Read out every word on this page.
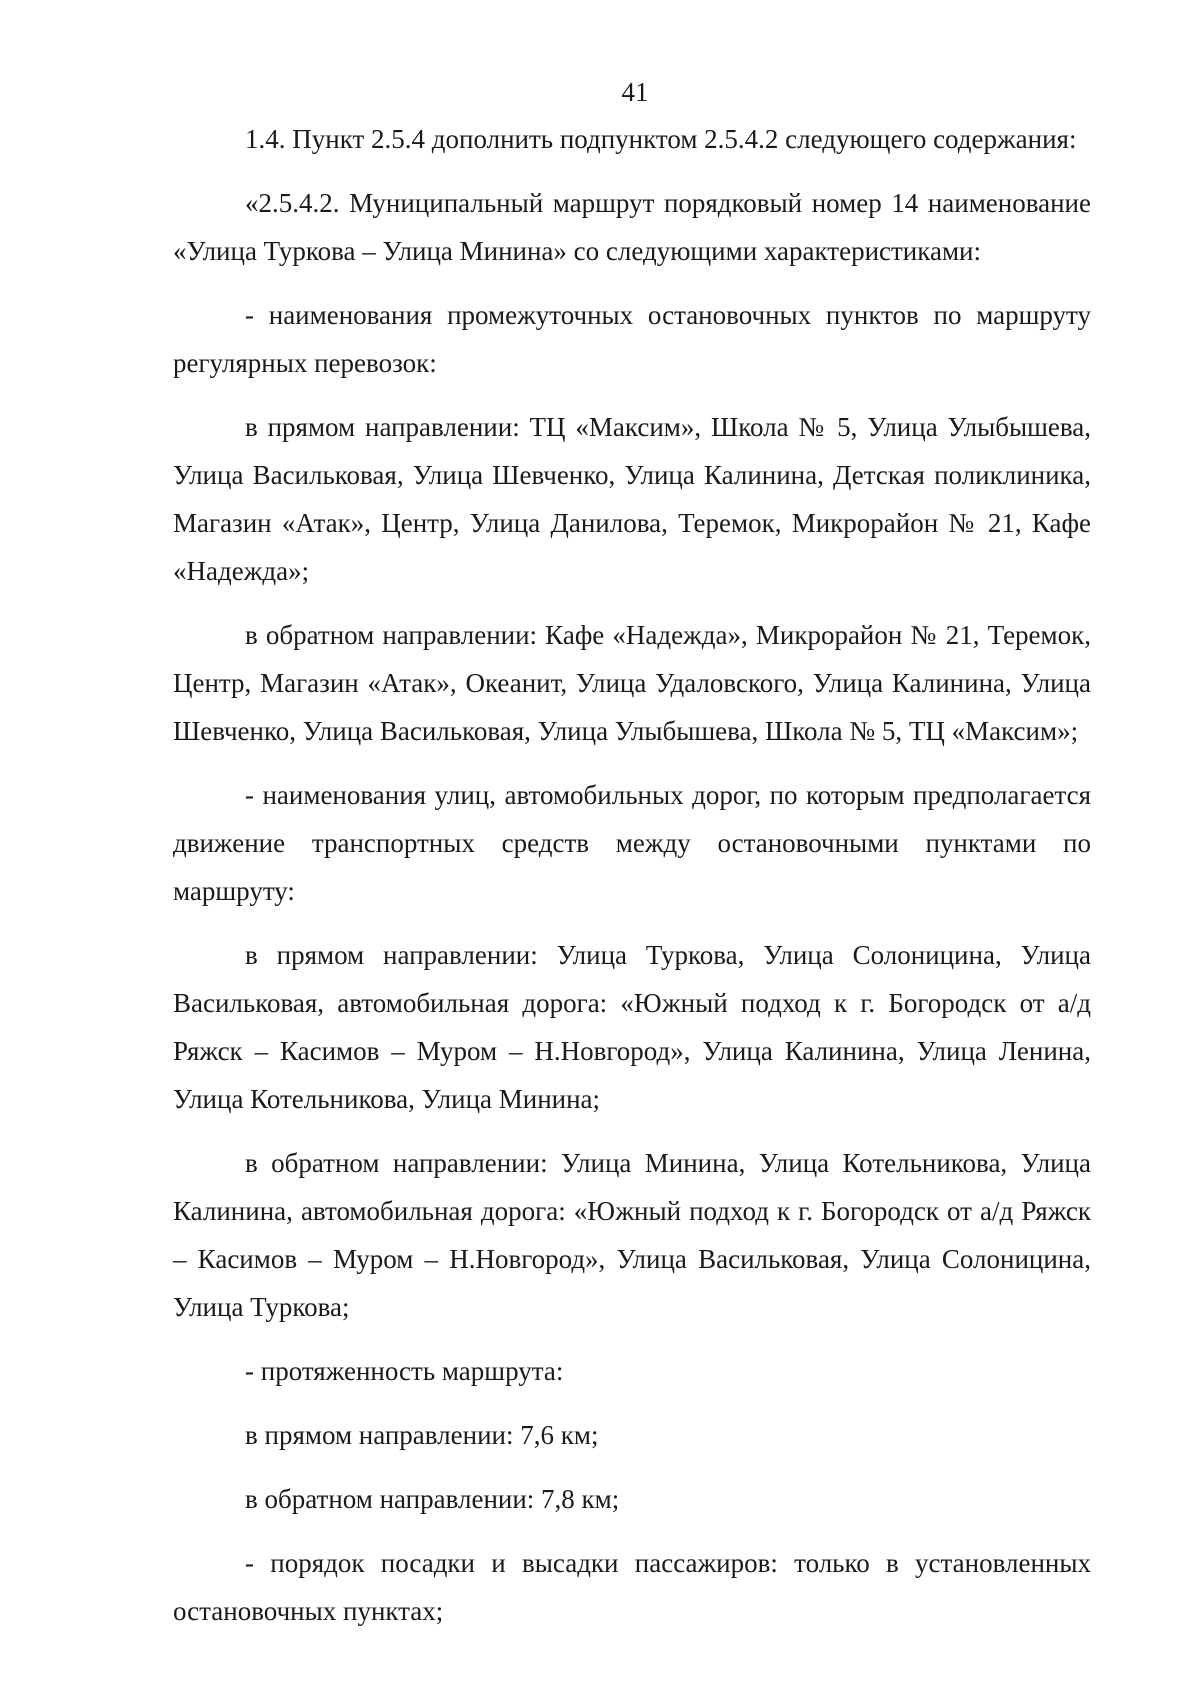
41

1.4. Пункт 2.5.4 дополнить подпунктом 2.5.4.2 следующего содержания:

«2.5.4.2. Муниципальный маршрут порядковый номер 14 наименование «Улица Туркова – Улица Минина» со следующими характеристиками:

- наименования промежуточных остановочных пунктов по маршруту регулярных перевозок:

в прямом направлении: ТЦ «Максим», Школа № 5, Улица Улыбышева, Улица Васильковая, Улица Шевченко, Улица Калинина, Детская поликлиника, Магазин «Атак», Центр, Улица Данилова, Теремок, Микрорайон № 21, Кафе «Надежда»;

в обратном направлении: Кафе «Надежда», Микрорайон № 21, Теремок, Центр, Магазин «Атак», Океанит, Улица Удаловского, Улица Калинина, Улица Шевченко, Улица Васильковая, Улица Улыбышева, Школа № 5, ТЦ «Максим»;

- наименования улиц, автомобильных дорог, по которым предполагается движение транспортных средств между остановочными пунктами по маршруту:

в прямом направлении: Улица Туркова, Улица Солоницина, Улица Васильковая, автомобильная дорога: «Южный подход к г. Богородск от а/д Ряжск – Касимов – Муром – Н.Новгород», Улица Калинина, Улица Ленина, Улица Котельникова, Улица Минина;

в обратном направлении: Улица Минина, Улица Котельникова, Улица Калинина, автомобильная дорога: «Южный подход к г. Богородск от а/д Ряжск – Касимов – Муром – Н.Новгород», Улица Васильковая, Улица Солоницина, Улица Туркова;

- протяженность маршрута:

в прямом направлении: 7,6 км;

в обратном направлении: 7,8 км;

- порядок посадки и высадки пассажиров: только в установленных остановочных пунктах;
